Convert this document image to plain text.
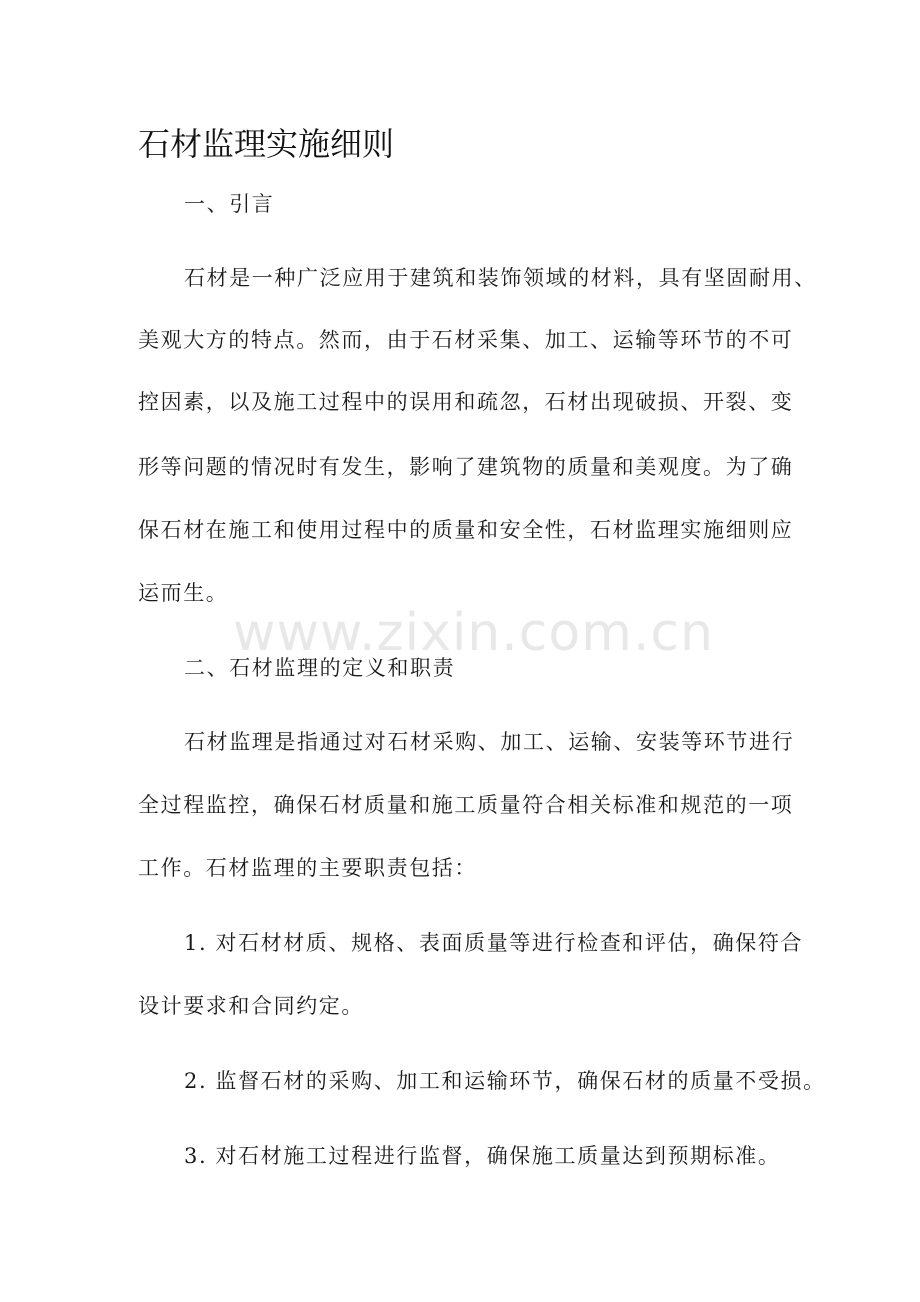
石材监理实施细则
一、引言
石材是一种广泛应用于建筑和装饰领域的材料，具有坚固耐用、
美观大方的特点。然而，由于石材采集、加工、运输等环节的不可
控因素，以及施工过程中的误用和疏忽，石材出现破损、开裂、变
形等问题的情况时有发生，影响了建筑物的质量和美观度。为了确
保石材在施工和使用过程中的质量和安全性，石材监理实施细则应
运而生。
www.zixin.com.cn
二、石材监理的定义和职责
石材监理是指通过对石材采购、加工、运输、安装等环节进行
全过程监控，确保石材质量和施工质量符合相关标准和规范的一项
工作。石材监理的主要职责包括：
1. 对石材材质、规格、表面质量等进行检查和评估，确保符合
设计要求和合同约定。
2. 监督石材的采购、加工和运输环节，确保石材的质量不受损。
3. 对石材施工过程进行监督，确保施工质量达到预期标准。
